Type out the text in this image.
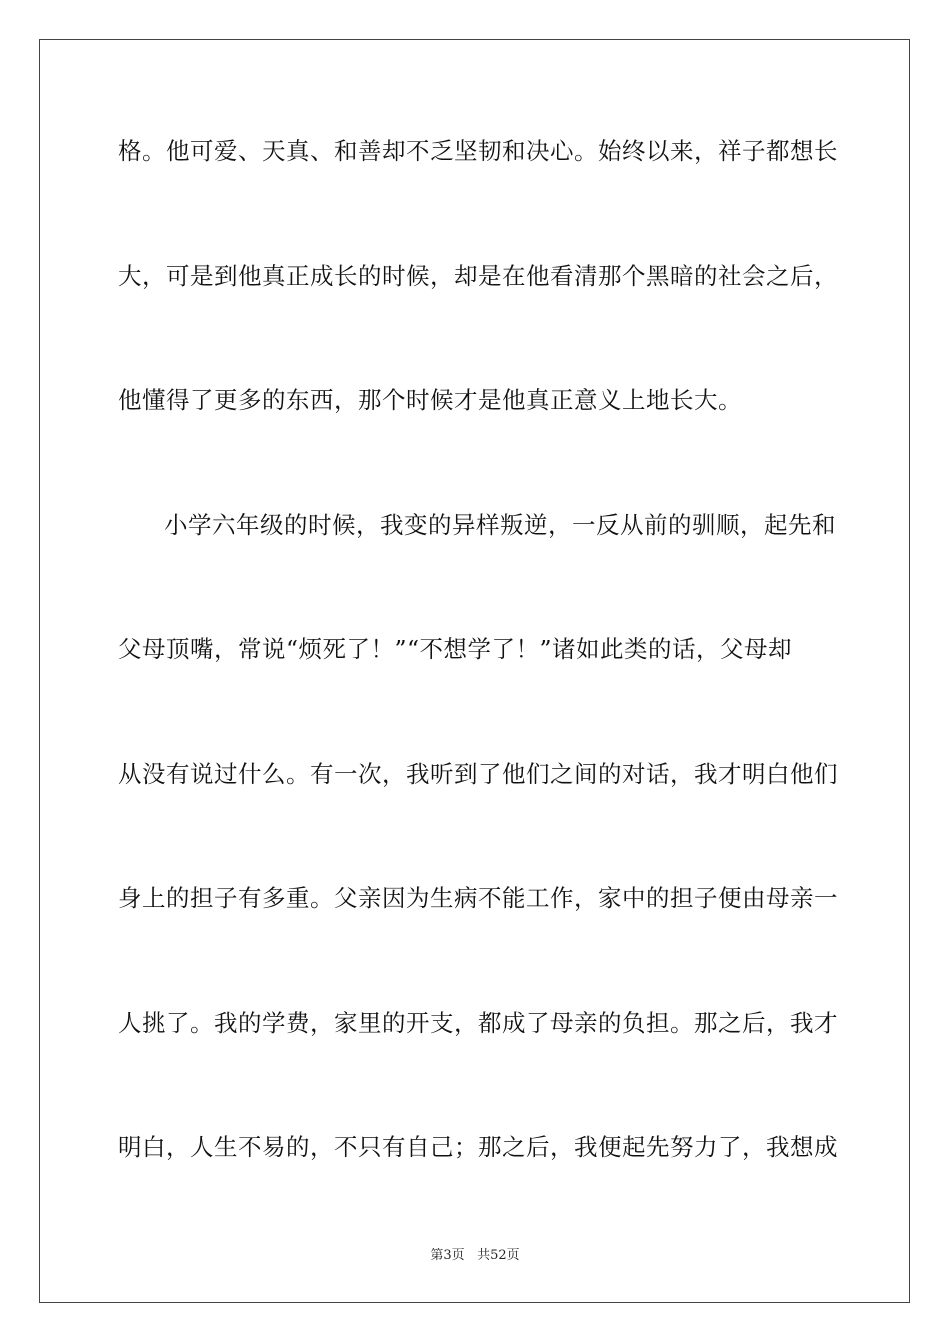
格。他可爱、天真、和善却不乏坚韧和决心。始终以来，祥子都想长
大，可是到他真正成长的时候，却是在他看清那个黑暗的社会之后，
他懂得了更多的东西，那个时候才是他真正意义上地长大。
小学六年级的时候，我变的异样叛逆，一反从前的驯顺，起先和
父母顶嘴，常说“烦死了！”“不想学了！”诸如此类的话，父母却
从没有说过什么。有一次，我听到了他们之间的对话，我才明白他们
身上的担子有多重。父亲因为生病不能工作，家中的担子便由母亲一
人挑了。我的学费，家里的开支，都成了母亲的负担。那之后，我才
明白，人生不易的，不只有自己；那之后，我便起先努力了，我想成
第3页 共52页
